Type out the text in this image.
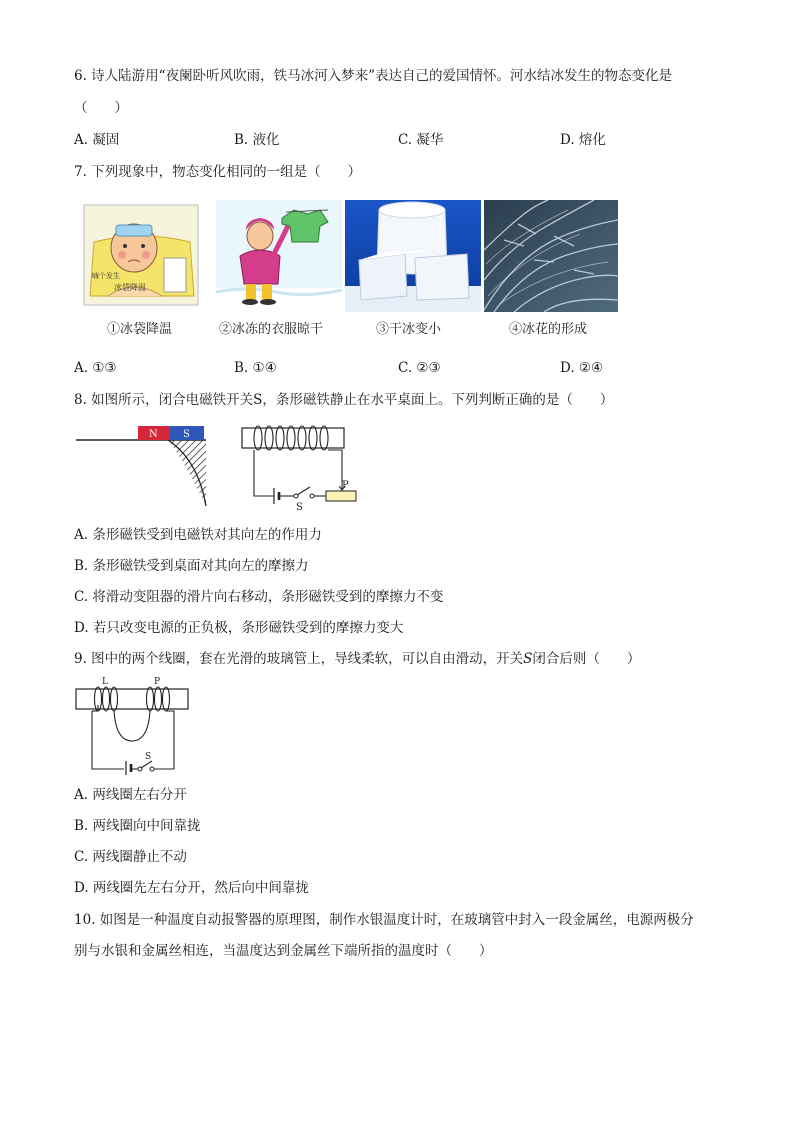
6. 诗人陆游用“夜阑卧听风吹雨，铁马冰河入梦来”表达自己的爱国情怀。河水结冰发生的物态变化是
（　　）
A. 凝固	B. 液化	C. 凝华	D. 熔化
7. 下列现象中，物态变化相同的一组是（　　）
嗨个发生
冰袋降温
①冰袋降温	②冰冻的衣服晾干	③干冰变小	④冰花的形成
A. ①③	B. ①④	C. ②③	D. ②④
8. 如图所示，闭合电磁铁开关S，条形磁铁静止在水平桌面上。下列判断正确的是（　　）
N	S
S
P
A. 条形磁铁受到电磁铁对其向左的作用力
B. 条形磁铁受到桌面对其向左的摩擦力
C. 将滑动变阻器的滑片向右移动，条形磁铁受到的摩擦力不变
D. 若只改变电源的正负极，条形磁铁受到的摩擦力变大
9. 图中的两个线圈，套在光滑的玻璃管上，导线柔软，可以自由滑动，开关S闭合后则（　　）
L	P
S
A. 两线圈左右分开
B. 两线圈向中间靠拢
C. 两线圈静止不动
D. 两线圈先左右分开，然后向中间靠拢
10. 如图是一种温度自动报警器的原理图，制作水银温度计时，在玻璃管中封入一段金属丝，电源两极分
别与水银和金属丝相连，当温度达到金属丝下端所指的温度时（　　）
